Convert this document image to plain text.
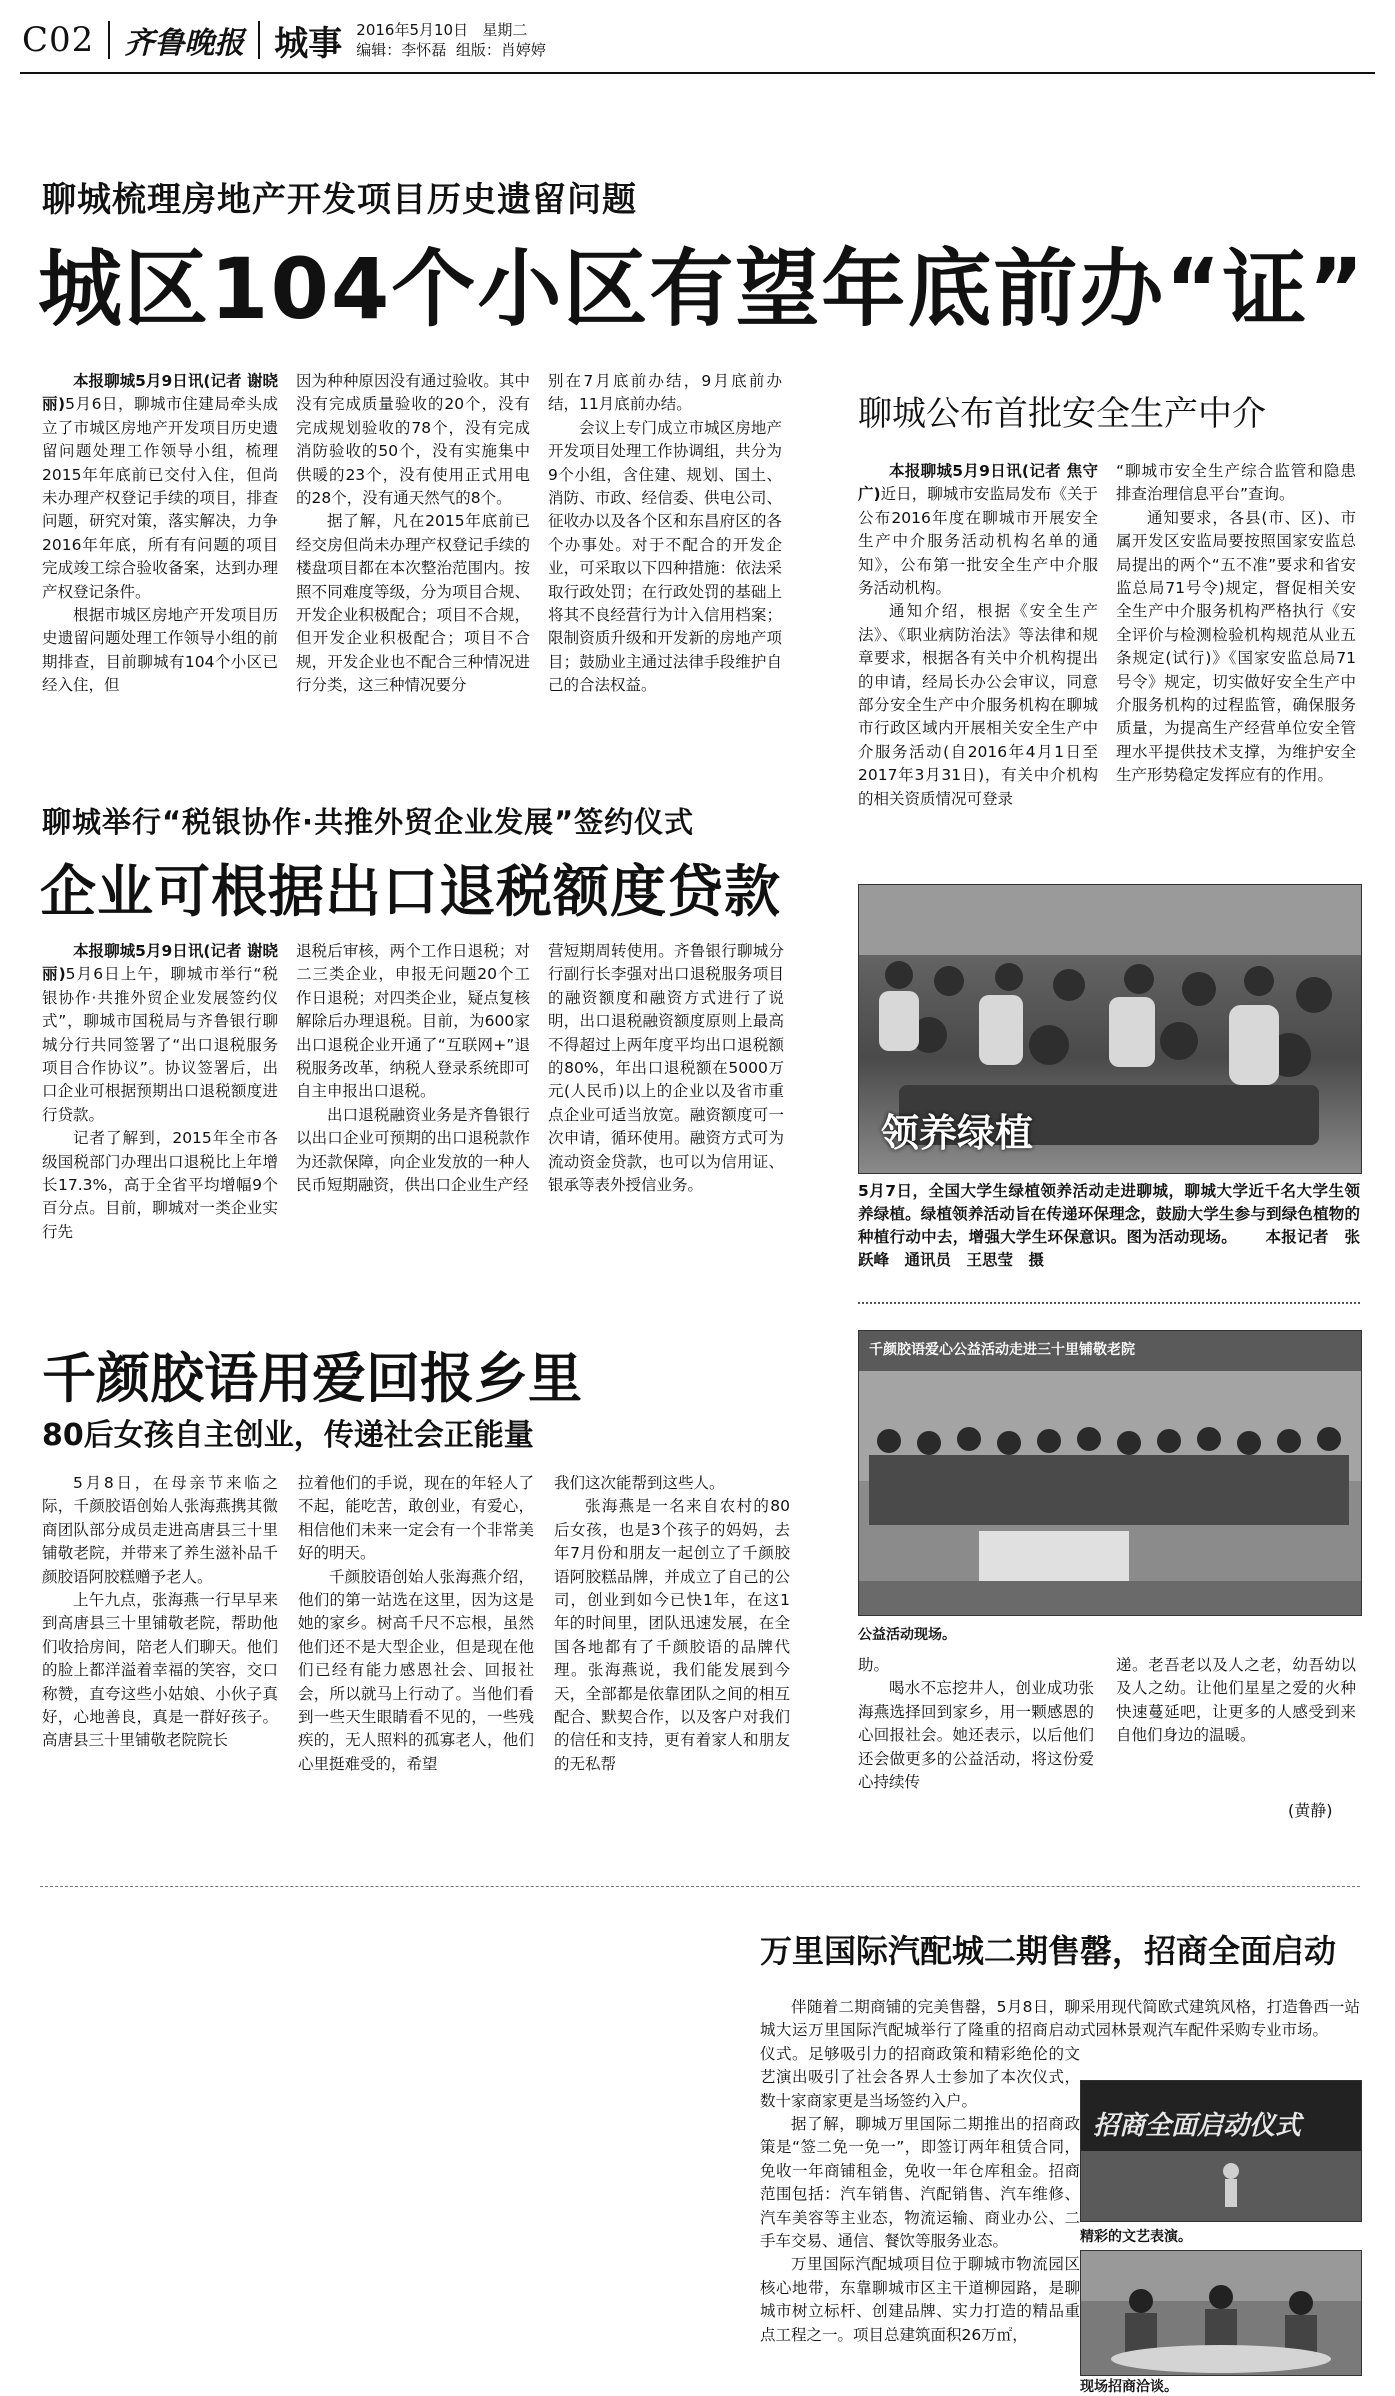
C02 齐鲁晚报 城事 2016年5月10日 星期二
编辑：李怀磊 组版：肖婷婷
聊城梳理房地产开发项目历史遗留问题
城区104个小区有望年底前办“证”

本报聊城5月9日讯(记者 谢晓丽)5月6日，聊城市住建局牵头成立了市城区房地产开发项目历史遗留问题处理工作领导小组，梳理2015年年底前已交付入住，但尚未办理产权登记手续的项目，排查问题，研究对策，落实解决，力争2016年年底，所有有问题的项目完成竣工综合验收备案，达到办理产权登记条件。

根据市城区房地产开发项目历史遗留问题处理工作领导小组的前期排查，目前聊城有104个小区已经入住，但

因为种种原因没有通过验收。其中没有完成质量验收的20个，没有完成规划验收的78个，没有完成消防验收的50个，没有实施集中供暖的23个，没有使用正式用电的28个，没有通天然气的8个。

据了解，凡在2015年底前已经交房但尚未办理产权登记手续的楼盘项目都在本次整治范围内。按照不同难度等级，分为项目合规、开发企业积极配合；项目不合规，但开发企业积极配合；项目不合规，开发企业也不配合三种情况进行分类，这三种情况要分

别在7月底前办结，9月底前办结，11月底前办结。

会议上专门成立市城区房地产开发项目处理工作协调组，共分为9个小组，含住建、规划、国土、消防、市政、经信委、供电公司、征收办以及各个区和东昌府区的各个办事处。对于不配合的开发企业，可采取以下四种措施：依法采取行政处罚；在行政处罚的基础上将其不良经营行为计入信用档案；限制资质升级和开发新的房地产项目；鼓励业主通过法律手段维护自己的合法权益。

聊城公布首批安全生产中介

本报聊城5月9日讯(记者 焦守广)近日，聊城市安监局发布《关于公布2016年度在聊城市开展安全生产中介服务活动机构名单的通知》，公布第一批安全生产中介服务活动机构。

通知介绍，根据《安全生产法》、《职业病防治法》等法律和规章要求，根据各有关中介机构提出的申请，经局长办公会审议，同意部分安全生产中介服务机构在聊城市行政区域内开展相关安全生产中介服务活动(自2016年4月1日至2017年3月31日)，有关中介机构的相关资质情况可登录

“聊城市安全生产综合监管和隐患排查治理信息平台”查询。

通知要求，各县(市、区)、市属开发区安监局要按照国家安监总局提出的两个“五不准”要求和省安监总局71号令)规定，督促相关安全生产中介服务机构严格执行《安全评价与检测检验机构规范从业五条规定(试行)》《国家安监总局71号令》规定，切实做好安全生产中介服务机构的过程监管，确保服务质量，为提高生产经营单位安全管理水平提供技术支撑，为维护安全生产形势稳定发挥应有的作用。

聊城举行“税银协作·共推外贸企业发展”签约仪式
企业可根据出口退税额度贷款

本报聊城5月9日讯(记者 谢晓丽)5月6日上午，聊城市举行“税银协作·共推外贸企业发展签约仪式”，聊城市国税局与齐鲁银行聊城分行共同签署了“出口退税服务项目合作协议”。协议签署后，出口企业可根据预期出口退税额度进行贷款。

记者了解到，2015年全市各级国税部门办理出口退税比上年增长17.3%，高于全省平均增幅9个百分点。目前，聊城对一类企业实行先

退税后审核，两个工作日退税；对二三类企业，申报无问题20个工作日退税；对四类企业，疑点复核解除后办理退税。目前，为600家出口退税企业开通了“互联网+”退税服务改革，纳税人登录系统即可自主申报出口退税。

出口退税融资业务是齐鲁银行以出口企业可预期的出口退税款作为还款保障，向企业发放的一种人民币短期融资，供出口企业生产经

营短期周转使用。齐鲁银行聊城分行副行长李强对出口退税服务项目的融资额度和融资方式进行了说明，出口退税融资额度原则上最高不得超过上两年度平均出口退税额的80%，年出口退税额在5000万元(人民币)以上的企业以及省市重点企业可适当放宽。融资额度可一次申请，循环使用。融资方式可为流动资金贷款，也可以为信用证、银承等表外授信业务。

领养绿植
5月7日，全国大学生绿植领养活动走进聊城，聊城大学近千名大学生领养绿植。绿植领养活动旨在传递环保理念，鼓励大学生参与到绿色植物的种植行动中去，增强大学生环保意识。图为活动现场。 本报记者　张跃峰　通讯员　王思莹　摄
千颜胶语用爱回报乡里
80后女孩自主创业，传递社会正能量

5月8日，在母亲节来临之际，千颜胶语创始人张海燕携其微商团队部分成员走进高唐县三十里铺敬老院，并带来了养生滋补品千颜胶语阿胶糕赠予老人。

上午九点，张海燕一行早早来到高唐县三十里铺敬老院，帮助他们收拾房间，陪老人们聊天。他们的脸上都洋溢着幸福的笑容，交口称赞，直夸这些小姑娘、小伙子真好，心地善良，真是一群好孩子。高唐县三十里铺敬老院院长

拉着他们的手说，现在的年轻人了不起，能吃苦，敢创业，有爱心，相信他们未来一定会有一个非常美好的明天。

千颜胶语创始人张海燕介绍，他们的第一站选在这里，因为这是她的家乡。树高千尺不忘根，虽然他们还不是大型企业，但是现在他们已经有能力感恩社会、回报社会，所以就马上行动了。当他们看到一些天生眼睛看不见的，一些残疾的，无人照料的孤寡老人，他们心里挺难受的，希望

我们这次能帮到这些人。

张海燕是一名来自农村的80后女孩，也是3个孩子的妈妈，去年7月份和朋友一起创立了千颜胶语阿胶糕品牌，并成立了自己的公司，创业到如今已快1年，在这1年的时间里，团队迅速发展，在全国各地都有了千颜胶语的品牌代理。张海燕说，我们能发展到今天，全部都是依靠团队之间的相互配合、默契合作，以及客户对我们的信任和支持，更有着家人和朋友的无私帮

千颜胶语爱心公益活动走进三十里铺敬老院
公益活动现场。

助。

喝水不忘挖井人，创业成功张海燕选择回到家乡，用一颗感恩的心回报社会。她还表示，以后他们还会做更多的公益活动，将这份爱心持续传

递。老吾老以及人之老，幼吾幼以及人之幼。让他们星星之爱的火种快速蔓延吧，让更多的人感受到来自他们身边的温暖。

(黄静)
万里国际汽配城二期售罄，招商全面启动

伴随着二期商铺的完美售罄，5月8日，聊城大运万里国际汽配城举行了隆重的招商启动仪式。足够吸引力的招商政策和精彩绝伦的文艺演出吸引了社会各界人士参加了本次仪式，数十家商家更是当场签约入户。

据了解，聊城万里国际二期推出的招商政策是“签二免一免一”，即签订两年租赁合同，免收一年商铺租金，免收一年仓库租金。招商范围包括：汽车销售、汽配销售、汽车维修、汽车美容等主业态，物流运输、商业办公、二手车交易、通信、餐饮等服务业态。

万里国际汽配城项目位于聊城市物流园区核心地带，东靠聊城市区主干道柳园路，是聊城市树立标杆、创建品牌、实力打造的精品重点工程之一。项目总建筑面积26万㎡，

采用现代简欧式建筑风格，打造鲁西一站式园林景观汽车配件采购专业市场。

招商全面启动仪式
精彩的文艺表演。
现场招商洽谈。
